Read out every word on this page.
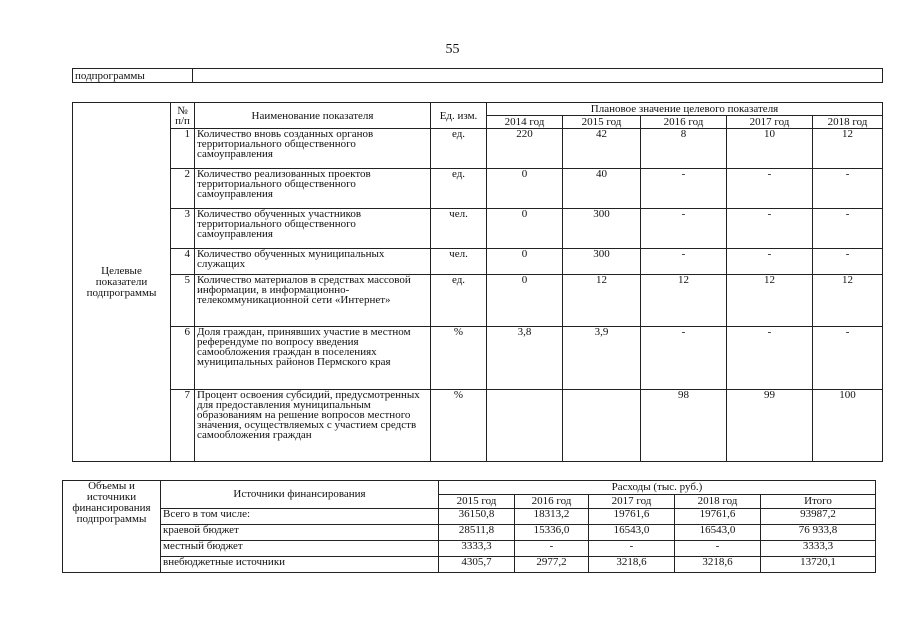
55
подпрограммы	
Целевые показатели подпрограммы	№ п/п	Наименование показателя	Ед. изм.	Плановое значение целевого показателя				
				2014 год	2015 год	2016 год	2017 год	2018 год
	1	Количество вновь созданных органов территориального общественного самоуправления	ед.	220	42	8	10	12
	2	Количество реализованных проектов территориального общественного самоуправления	ед.	0	40	-	-	-
	3	Количество обученных участников территориального общественного самоуправления	чел.	0	300	-	-	-
	4	Количество обученных муниципальных служащих	чел.	0	300	-	-	-
	5	Количество материалов в средствах массовой информации, в информационно-телекоммуникационной сети «Интернет»	ед.	0	12	12	12	12
	6	Доля граждан, принявших участие в местном референдуме по вопросу введения самообложения граждан в поселениях муниципальных районов Пермского края	%	3,8	3,9	-	-	-
	7	Процент освоения субсидий, предусмотренных для предоставления муниципальным образованиям на решение вопросов местного значения, осуществляемых с участием средств самообложения граждан	%			98	99	100
Объемы и источники финансирования подпрограммы	Источники финансирования	Расходы (тыс. руб.)				
		2015 год	2016 год	2017 год	2018 год	Итого
	Всего в том числе:	36150,8	18313,2	19761,6	19761,6	93987,2
	краевой бюджет	28511,8	15336,0	16543,0	16543,0	76 933,8
	местный бюджет	3333,3	-	-	-	3333,3
	внебюджетные источники	4305,7	2977,2	3218,6	3218,6	13720,1
